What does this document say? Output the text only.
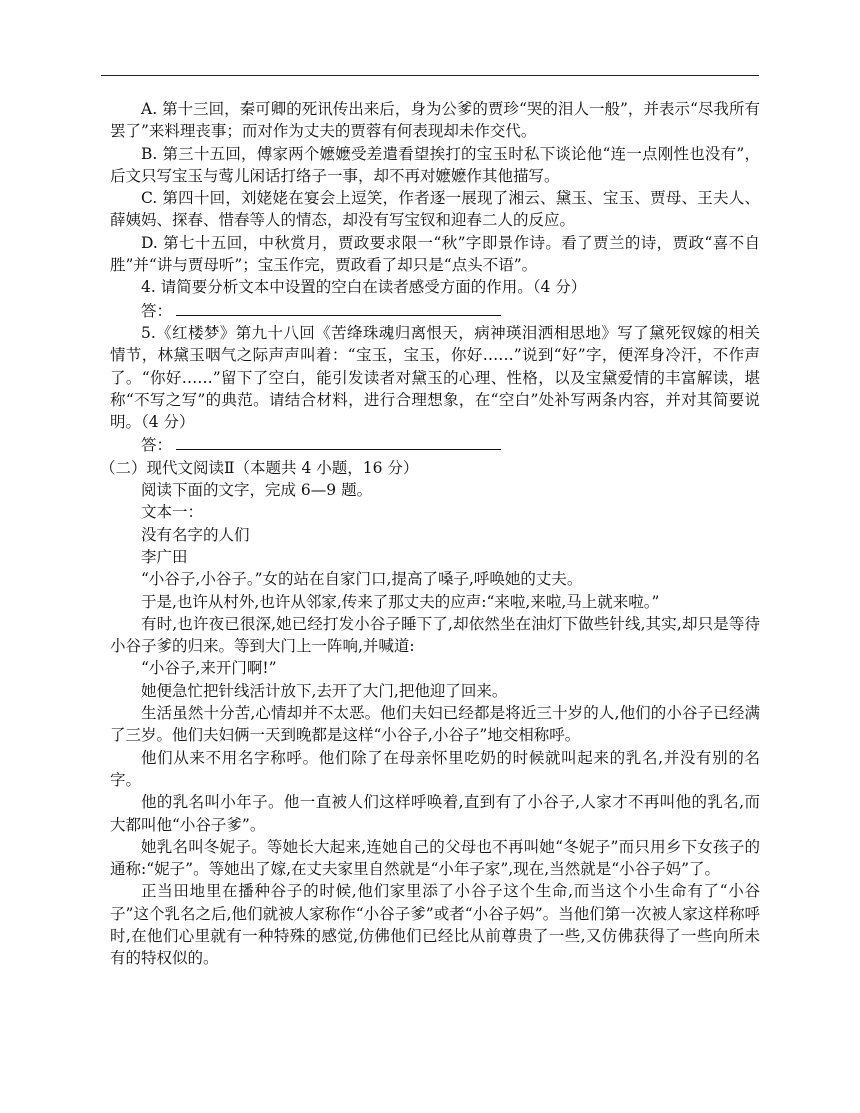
A. 第十三回，秦可卿的死讯传出来后，身为公爹的贾珍“哭的泪人一般”，并表示“尽我所有罢了”来料理丧事；而对作为丈夫的贾蓉有何表现却未作交代。

B. 第三十五回，傅家两个嬷嬷受差遣看望挨打的宝玉时私下谈论他“连一点刚性也没有”，后文只写宝玉与莺儿闲话打络子一事，却不再对嬷嬷作其他描写。

C. 第四十回，刘姥姥在宴会上逗笑，作者逐一展现了湘云、黛玉、宝玉、贾母、王夫人、薛姨妈、探春、惜春等人的情态，却没有写宝钗和迎春二人的反应。

D. 第七十五回，中秋赏月，贾政要求限一“秋”字即景作诗。看了贾兰的诗，贾政“喜不自胜”并“讲与贾母听”；宝玉作完，贾政看了却只是“点头不语”。

4. 请简要分析文本中设置的空白在读者感受方面的作用。（4 分）

答：

5.《红楼梦》第九十八回《苦绛珠魂归离恨天，病神瑛泪洒相思地》写了黛死钗嫁的相关情节，林黛玉咽气之际声声叫着：“宝玉，宝玉，你好……”说到“好”字，便浑身冷汗，不作声了。“你好……”留下了空白，能引发读者对黛玉的心理、性格，以及宝黛爱情的丰富解读，堪称“不写之写”的典范。请结合材料，进行合理想象，在“空白”处补写两条内容，并对其简要说明。（4 分）

答：

（二）现代文阅读Ⅱ（本题共 4 小题，16 分）

阅读下面的文字，完成 6—9 题。

文本一：

没有名字的人们

李广田

“小谷子,小谷子。”女的站在自家门口,提高了嗓子,呼唤她的丈夫。

于是,也许从村外,也许从邻家,传来了那丈夫的应声:“来啦,来啦,马上就来啦。”

有时,也许夜已很深,她已经打发小谷子睡下了,却依然坐在油灯下做些针线,其实,却只是等待小谷子爹的归来。等到大门上一阵响,并喊道:

“小谷子,来开门啊!”

她便急忙把针线活计放下,去开了大门,把他迎了回来。

生活虽然十分苦,心情却并不太恶。他们夫妇已经都是将近三十岁的人,他们的小谷子已经满了三岁。他们夫妇俩一天到晚都是这样“小谷子,小谷子”地交相称呼。

他们从来不用名字称呼。他们除了在母亲怀里吃奶的时候就叫起来的乳名,并没有别的名字。

他的乳名叫小年子。他一直被人们这样呼唤着,直到有了小谷子,人家才不再叫他的乳名,而大都叫他“小谷子爹”。

她乳名叫冬妮子。等她长大起来,连她自己的父母也不再叫她“冬妮子”而只用乡下女孩子的通称:“妮子”。等她出了嫁,在丈夫家里自然就是“小年子家”,现在,当然就是“小谷子妈”了。

正当田地里在播种谷子的时候,他们家里添了小谷子这个生命,而当这个小生命有了“小谷子”这个乳名之后,他们就被人家称作“小谷子爹”或者“小谷子妈”。当他们第一次被人家这样称呼时,在他们心里就有一种特殊的感觉,仿佛他们已经比从前尊贵了一些,又仿佛获得了一些向所未有的特权似的。
